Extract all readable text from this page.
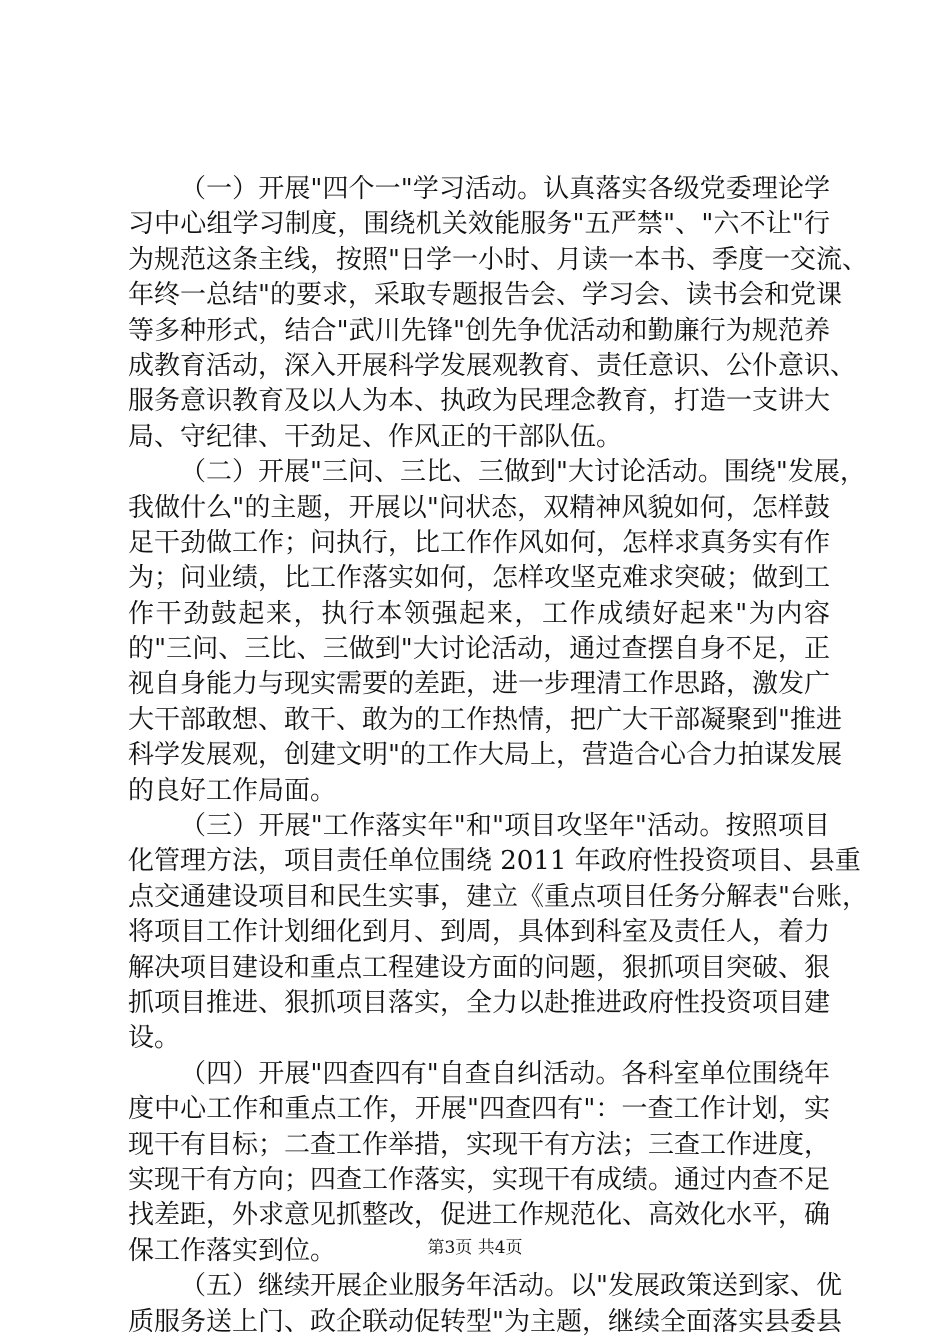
（一）开展"四个一"学习活动。认真落实各级党委理论学
习中心组学习制度，围绕机关效能服务"五严禁"、"六不让"行
为规范这条主线，按照"日学一小时、月读一本书、季度一交流、
年终一总结"的要求，采取专题报告会、学习会、读书会和党课
等多种形式，结合"武川先锋"创先争优活动和勤廉行为规范养
成教育活动，深入开展科学发展观教育、责任意识、公仆意识、
服务意识教育及以人为本、执政为民理念教育，打造一支讲大
局、守纪律、干劲足、作风正的干部队伍。
（二）开展"三问、三比、三做到"大讨论活动。围绕"发展，
我做什么"的主题，开展以"问状态，双精神风貌如何，怎样鼓
足干劲做工作；问执行，比工作作风如何，怎样求真务实有作
为；问业绩，比工作落实如何，怎样攻坚克难求突破；做到工
作干劲鼓起来，执行本领强起来，工作成绩好起来"为内容
的"三问、三比、三做到"大讨论活动，通过查摆自身不足，正
视自身能力与现实需要的差距，进一步理清工作思路，激发广
大干部敢想、敢干、敢为的工作热情，把广大干部凝聚到"推进
科学发展观，创建文明"的工作大局上，营造合心合力拍谋发展
的良好工作局面。
（三）开展"工作落实年"和"项目攻坚年"活动。按照项目
化管理方法，项目责任单位围绕 2011 年政府性投资项目、县重
点交通建设项目和民生实事，建立《重点项目任务分解表"台账，
将项目工作计划细化到月、到周，具体到科室及责任人，着力
解决项目建设和重点工程建设方面的问题，狠抓项目突破、狠
抓项目推进、狠抓项目落实，全力以赴推进政府性投资项目建
设。
（四）开展"四查四有"自查自纠活动。各科室单位围绕年
度中心工作和重点工作，开展"四查四有"：一查工作计划，实
现干有目标；二查工作举措，实现干有方法；三查工作进度，
实现干有方向；四查工作落实，实现干有成绩。通过内查不足
找差距，外求意见抓整改，促进工作规范化、高效化水平，确
保工作落实到位。
（五）继续开展企业服务年活动。以"发展政策送到家、优
质服务送上门、政企联动促转型"为主题，继续全面落实县委县
第3页 共4页
